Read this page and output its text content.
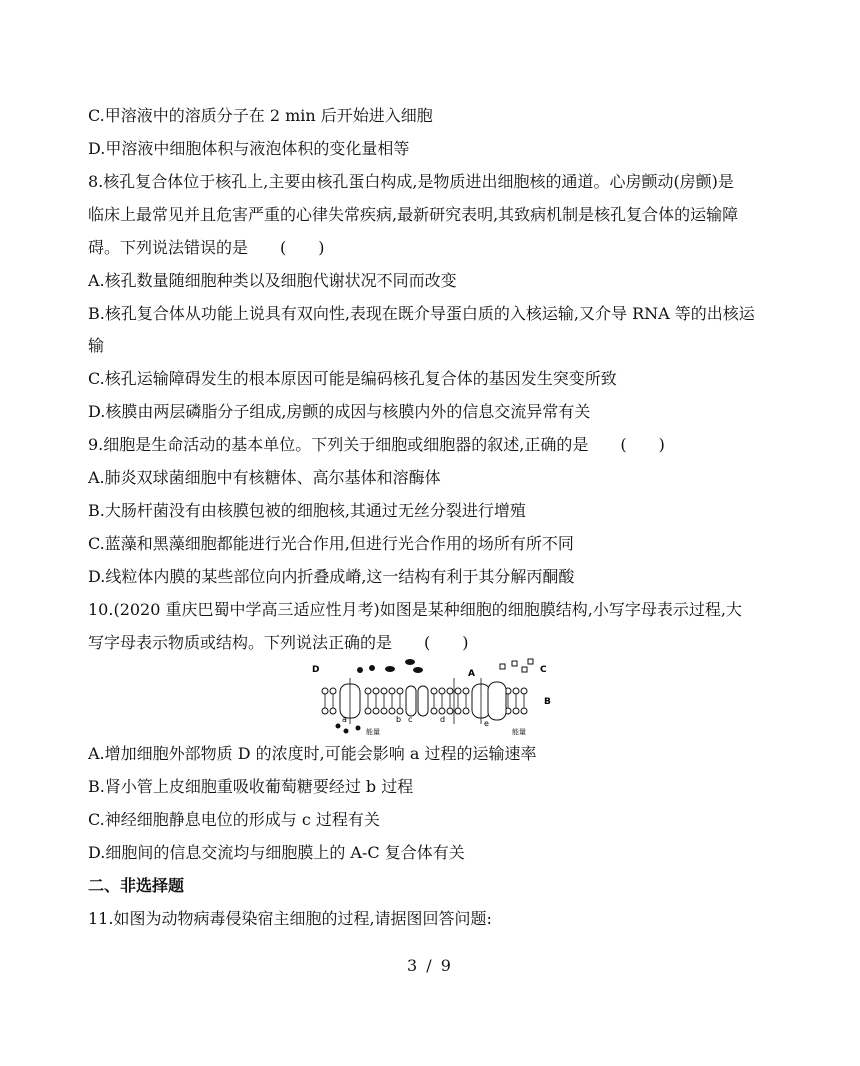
C.甲溶液中的溶质分子在 2 min 后开始进入细胞
D.甲溶液中细胞体积与液泡体积的变化量相等
8.核孔复合体位于核孔上,主要由核孔蛋白构成,是物质进出细胞核的通道。心房颤动(房颤)是
临床上最常见并且危害严重的心律失常疾病,最新研究表明,其致病机制是核孔复合体的运输障
碍。下列说法错误的是　　(　　)
A.核孔数量随细胞种类以及细胞代谢状况不同而改变
B.核孔复合体从功能上说具有双向性,表现在既介导蛋白质的入核运输,又介导 RNA 等的出核运
输
C.核孔运输障碍发生的根本原因可能是编码核孔复合体的基因发生突变所致
D.核膜由两层磷脂分子组成,房颤的成因与核膜内外的信息交流异常有关
9.细胞是生命活动的基本单位。下列关于细胞或细胞器的叙述,正确的是　　(　　)
A.肺炎双球菌细胞中有核糖体、高尔基体和溶酶体
B.大肠杆菌没有由核膜包被的细胞核,其通过无丝分裂进行增殖
C.蓝藻和黑藻细胞都能进行光合作用,但进行光合作用的场所有所不同
D.线粒体内膜的某些部位向内折叠成嵴,这一结构有利于其分解丙酮酸
10.(2020 重庆巴蜀中学高三适应性月考)如图是某种细胞的细胞膜结构,小写字母表示过程,大
写字母表示物质或结构。下列说法正确的是　　(　　)
D	A
B
C
a	b c	d	e
能量	能量
A.增加细胞外部物质 D 的浓度时,可能会影响 a 过程的运输速率
B.肾小管上皮细胞重吸收葡萄糖要经过 b 过程
C.神经细胞静息电位的形成与 c 过程有关
D.细胞间的信息交流均与细胞膜上的 A-C 复合体有关
二、非选择题
11.如图为动物病毒侵染宿主细胞的过程,请据图回答问题:
3 / 9
